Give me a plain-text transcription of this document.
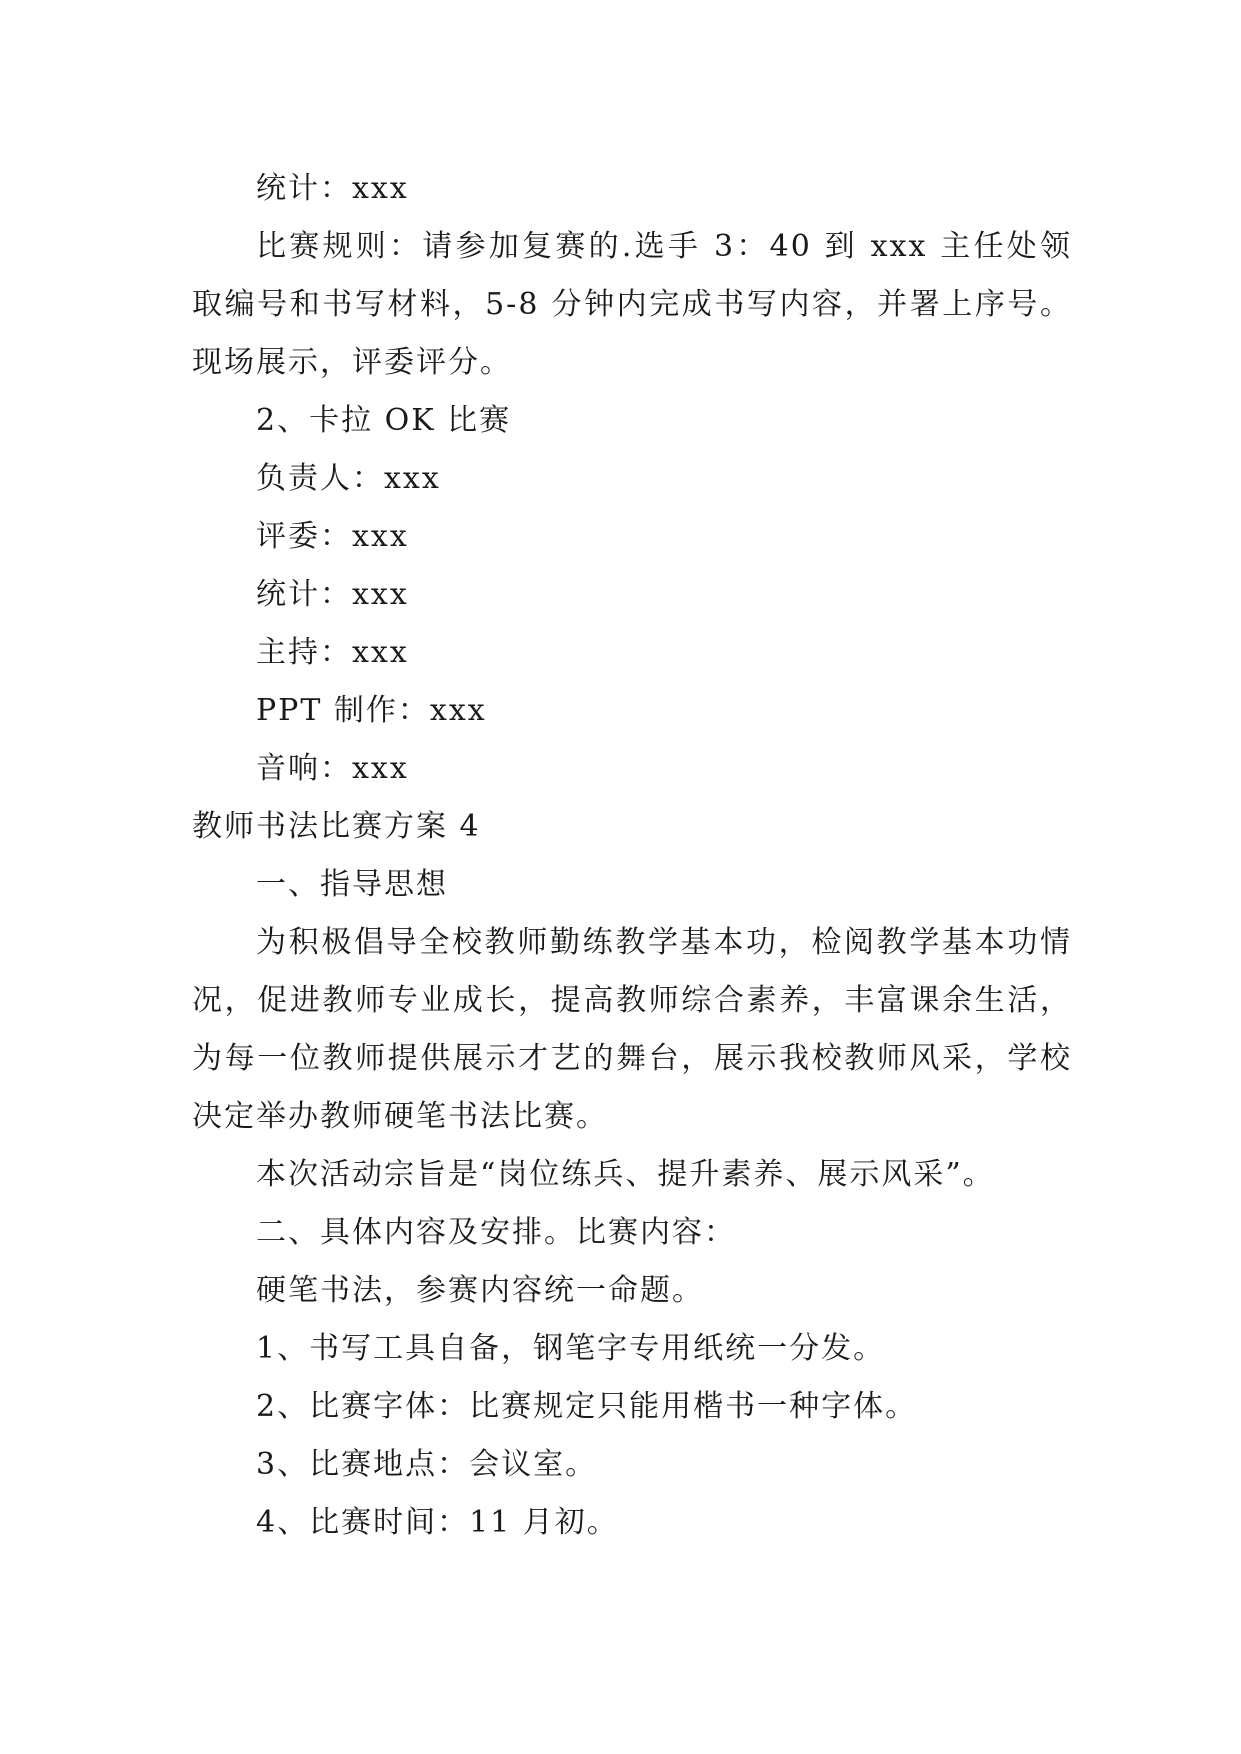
统计：xxx
比赛规则：请参加复赛的.选手 3：40 到 xxx 主任处领取编号和书写材料，5-8 分钟内完成书写内容，并署上序号。现场展示，评委评分。
2、卡拉 OK 比赛
负责人：xxx
评委：xxx
统计：xxx
主持：xxx
PPT 制作：xxx
音响：xxx
教师书法比赛方案 4
一、指导思想
为积极倡导全校教师勤练教学基本功，检阅教学基本功情况，促进教师专业成长，提高教师综合素养，丰富课余生活，为每一位教师提供展示才艺的舞台，展示我校教师风采，学校决定举办教师硬笔书法比赛。
本次活动宗旨是“岗位练兵、提升素养、展示风采”。
二、具体内容及安排。比赛内容：
硬笔书法，参赛内容统一命题。
1、书写工具自备，钢笔字专用纸统一分发。
2、比赛字体：比赛规定只能用楷书一种字体。
3、比赛地点：会议室。
4、比赛时间：11 月初。
